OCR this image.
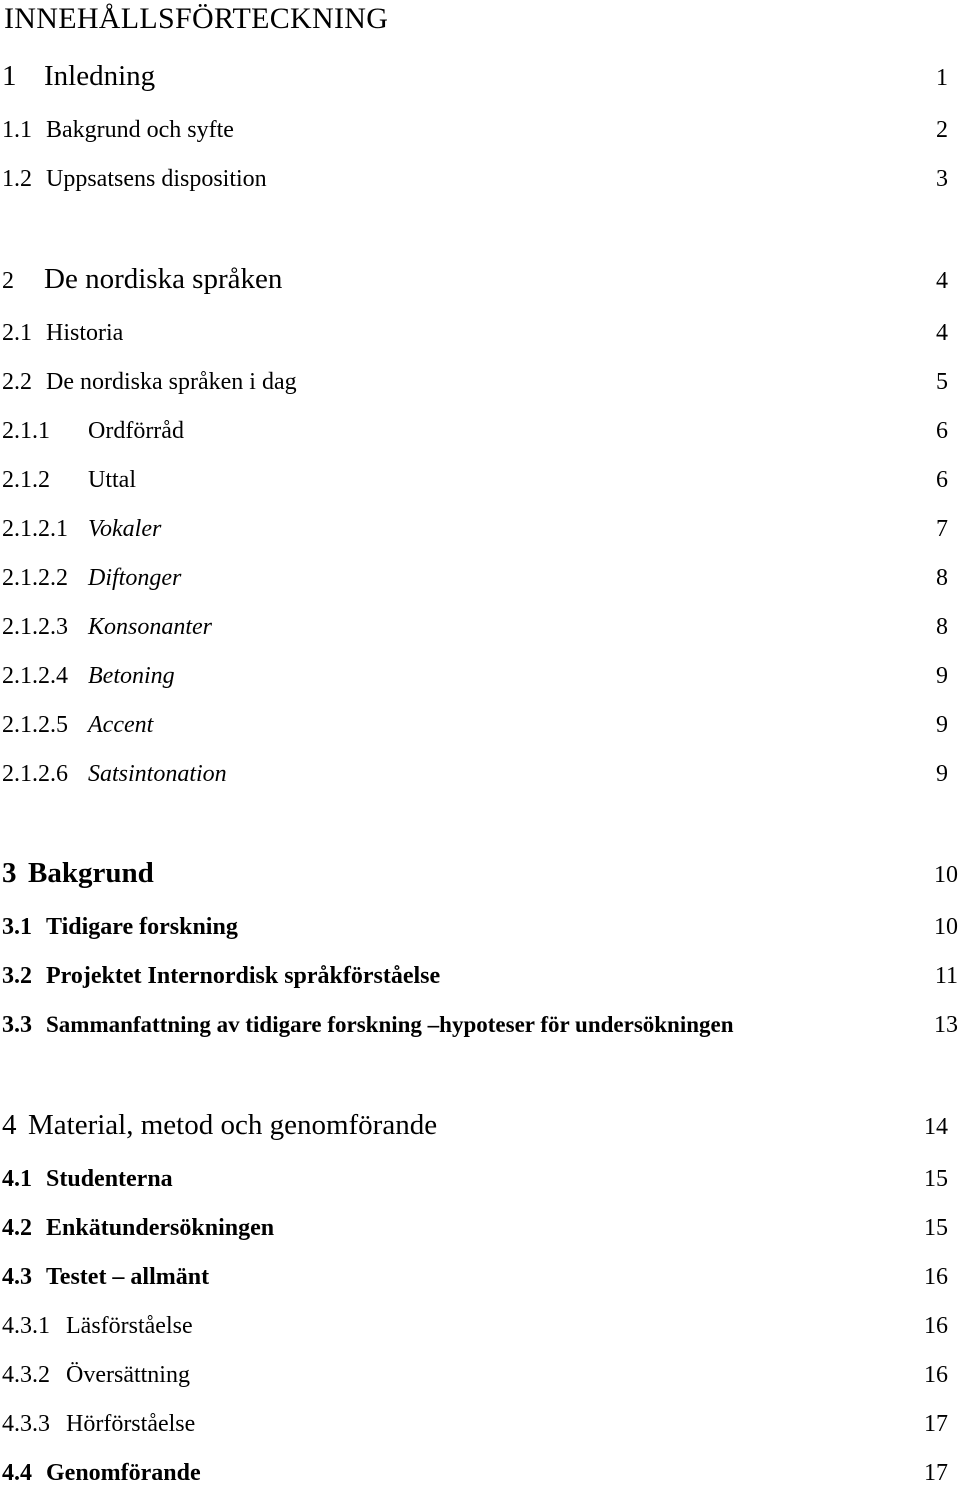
INNEHÅLLSFÖRTECKNING
1 Inledning	1
1.1 Bakgrund och syfte	2
1.2 Uppsatsens disposition	3
2 De nordiska språken	4
2.1 Historia	4
2.2 De nordiska språken i dag	5
2.1.1 Ordförråd	6
2.1.2 Uttal	6
2.1.2.1 Vokaler	7
2.1.2.2 Diftonger	8
2.1.2.3 Konsonanter	8
2.1.2.4 Betoning	9
2.1.2.5 Accent	9
2.1.2.6 Satsintonation	9
3 Bakgrund	10
3.1 Tidigare forskning	10
3.2 Projektet Internordisk språkförståelse	11
3.3 Sammanfattning av tidigare forskning –hypoteser för undersökningen	13
4 Material, metod och genomförande	14
4.1 Studenterna	15
4.2 Enkätundersökningen	15
4.3 Testet – allmänt	16
4.3.1 Läsförståelse	16
4.3.2 Översättning	16
4.3.3 Hörförståelse	17
4.4 Genomförande	17
